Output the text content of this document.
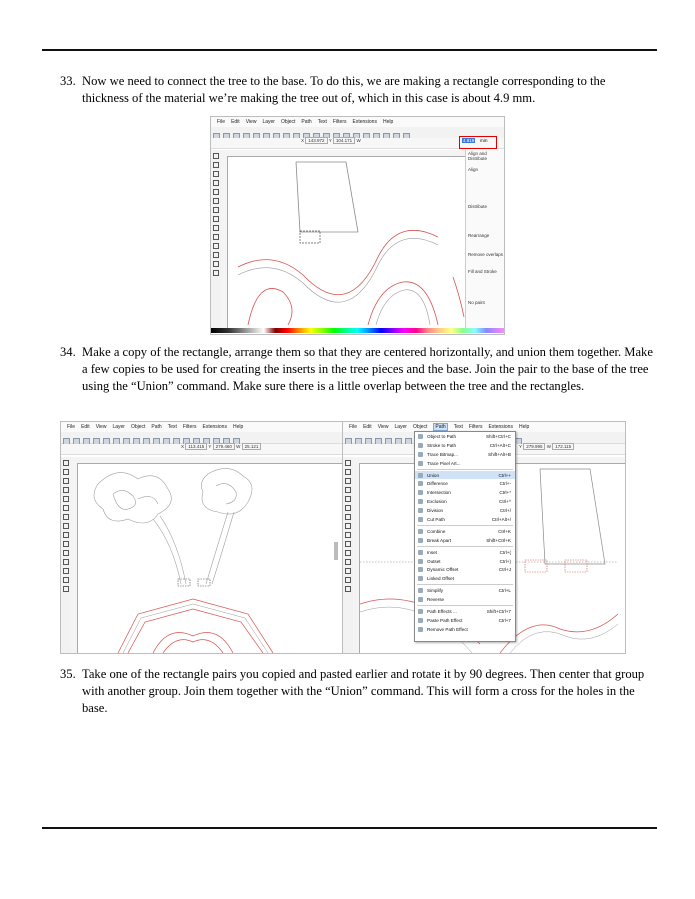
33. Now we need to connect the tree to the base. To do this, we are making a rectangle corresponding to the thickness of the material we’re making the tree out of, which in this case is about 4.9 mm.
File Edit View Layer Object Path Text Filters Extensions Help
X 143.972 Y 104.171 W	4.919 mm
Align and Distribute
Align
Distribute
Rearrange
Remove overlaps
Fill and Stroke
No paint
34. Make a copy of the rectangle, arrange them so that they are centered horizontally, and union them together. Make a few copies to be used for creating the inserts in the tree pieces and the base. Join the pair to the base of the tree using the “Union” command. Make sure there is a little overlap between the tree and the rectangles.
File Edit View Layer Object Path Text Filters Extensions Help
X 113.415 Y 279.460 W 25.121
File Edit View Layer Object	Path	Text Filters Extensions Help
Y 279.995 W 172.115
Object to Path	Shift+Ctrl+C
Stroke to Path	Ctrl+Alt+C
Trace Bitmap...	Shift+Alt+B
Trace Pixel Art...
Union	Ctrl++
Difference	Ctrl+-
Intersection	Ctrl+*
Exclusion	Ctrl+^
Division	Ctrl+/
Cut Path	Ctrl+Alt+/
Combine	Ctrl+K
Break Apart	Shift+Ctrl+K
Inset	Ctrl+(
Outset	Ctrl+)
Dynamic Offset	Ctrl+J
Linked Offset
Simplify	Ctrl+L
Reverse
Path Effects ...	Shift+Ctrl+7
Paste Path Effect	Ctrl+7
Remove Path Effect
35. Take one of the rectangle pairs you copied and pasted earlier and rotate it by 90 degrees. Then center that group with another group. Join them together with the “Union” command. This will form a cross for the holes in the base.
